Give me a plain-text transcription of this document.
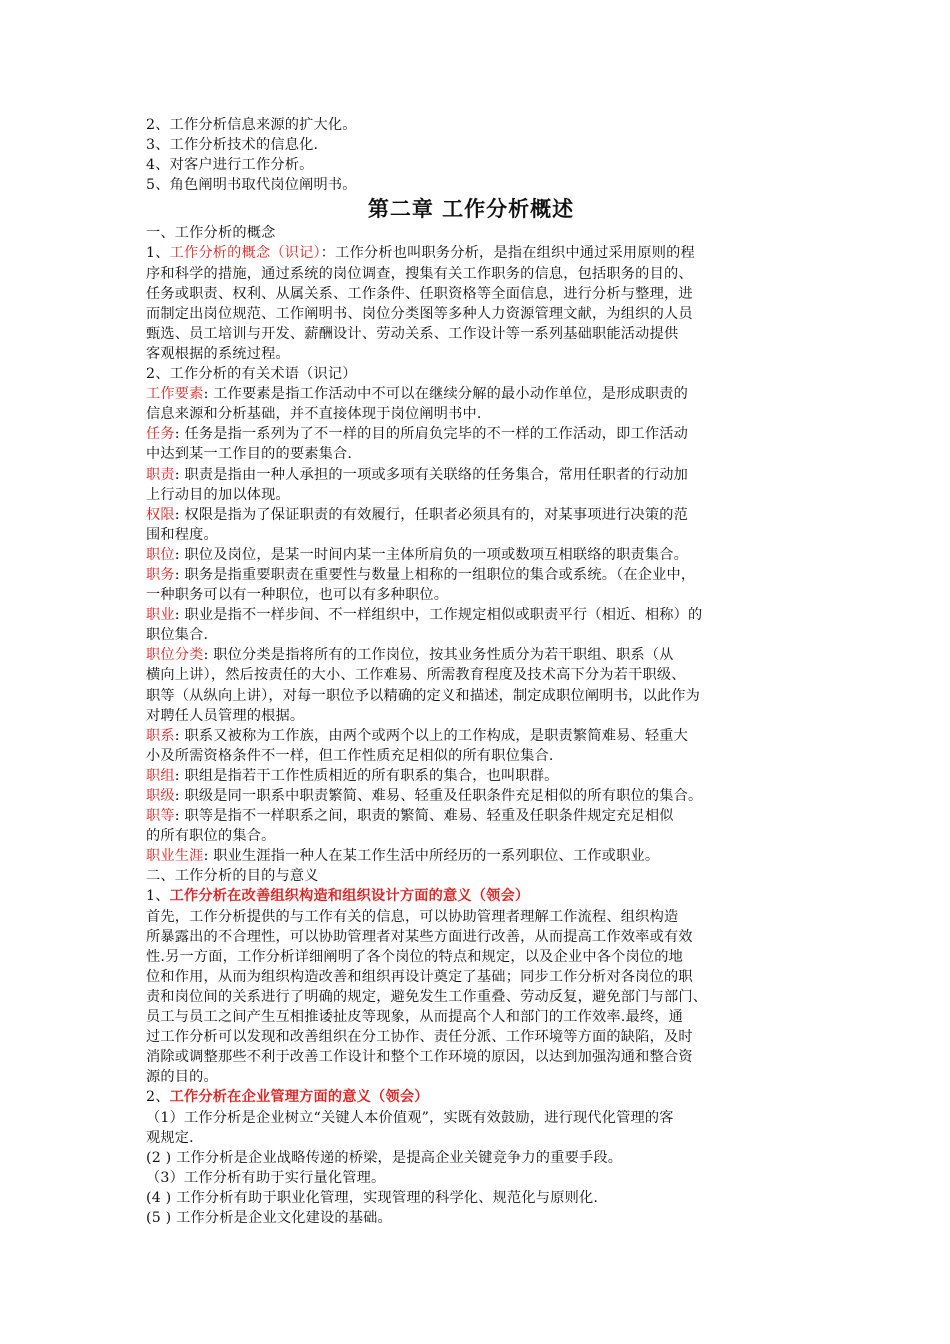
2、工作分析信息来源的扩大化。
3、工作分析技术的信息化.
4、对客户进行工作分析。
5、角色阐明书取代岗位阐明书。
第二章 工作分析概述
一、工作分析的概念
1、工作分析的概念（识记）：工作分析也叫职务分析，是指在组织中通过采用原则的程
序和科学的措施，通过系统的岗位调查，搜集有关工作职务的信息，包括职务的目的、
任务或职责、权利、从属关系、工作条件、任职资格等全面信息，进行分析与整理，进
而制定出岗位规范、工作阐明书、岗位分类图等多种人力资源管理文献，为组织的人员
甄选、员工培训与开发、薪酬设计、劳动关系、工作设计等一系列基础职能活动提供
客观根据的系统过程。
2、工作分析的有关术语（识记）
工作要素: 工作要素是指工作活动中不可以在继续分解的最小动作单位，是形成职责的
信息来源和分析基础，并不直接体现于岗位阐明书中.
任务: 任务是指一系列为了不一样的目的所肩负完毕的不一样的工作活动，即工作活动
中达到某一工作目的的要素集合.
职责: 职责是指由一种人承担的一项或多项有关联络的任务集合，常用任职者的行动加
上行动目的加以体现。
权限: 权限是指为了保证职责的有效履行，任职者必须具有的，对某事项进行决策的范
围和程度。
职位: 职位及岗位，是某一时间内某一主体所肩负的一项或数项互相联络的职责集合。
职务: 职务是指重要职责在重要性与数量上相称的一组职位的集合或系统。（在企业中，
一种职务可以有一种职位，也可以有多种职位。
职业: 职业是指不一样步间、不一样组织中，工作规定相似或职责平行（相近、相称）的
职位集合.
职位分类: 职位分类是指将所有的工作岗位，按其业务性质分为若干职组、职系（从
横向上讲），然后按责任的大小、工作难易、所需教育程度及技术高下分为若干职级、
职等（从纵向上讲），对每一职位予以精确的定义和描述，制定成职位阐明书，以此作为
对聘任人员管理的根据。
职系: 职系又被称为工作族，由两个或两个以上的工作构成，是职责繁简难易、轻重大
小及所需资格条件不一样，但工作性质充足相似的所有职位集合.
职组: 职组是指若干工作性质相近的所有职系的集合，也叫职群。
职级: 职级是同一职系中职责繁简、难易、轻重及任职条件充足相似的所有职位的集合。
职等: 职等是指不一样职系之间，职责的繁简、难易、轻重及任职条件规定充足相似
的所有职位的集合。
职业生涯: 职业生涯指一种人在某工作生活中所经历的一系列职位、工作或职业。
二、工作分析的目的与意义
1、工作分析在改善组织构造和组织设计方面的意义（领会）
首先，工作分析提供的与工作有关的信息，可以协助管理者理解工作流程、组织构造
所暴露出的不合理性，可以协助管理者对某些方面进行改善，从而提高工作效率或有效
性.另一方面，工作分析详细阐明了各个岗位的特点和规定，以及企业中各个岗位的地
位和作用，从而为组织构造改善和组织再设计奠定了基础；同步工作分析对各岗位的职
责和岗位间的关系进行了明确的规定，避免发生工作重叠、劳动反复，避免部门与部门、
员工与员工之间产生互相推诿扯皮等现象，从而提高个人和部门的工作效率.最终，通
过工作分析可以发现和改善组织在分工协作、责任分派、工作环境等方面的缺陷，及时
消除或调整那些不利于改善工作设计和整个工作环境的原因，以达到加强沟通和整合资
源的目的。
2、工作分析在企业管理方面的意义（领会）
（1）工作分析是企业树立“关键人本价值观”，实既有效鼓励，进行现代化管理的客
观规定.
(2 ) 工作分析是企业战略传递的桥梁，是提高企业关键竞争力的重要手段。
（3）工作分析有助于实行量化管理。
(4 ) 工作分析有助于职业化管理，实现管理的科学化、规范化与原则化.
(5 ) 工作分析是企业文化建设的基础。
